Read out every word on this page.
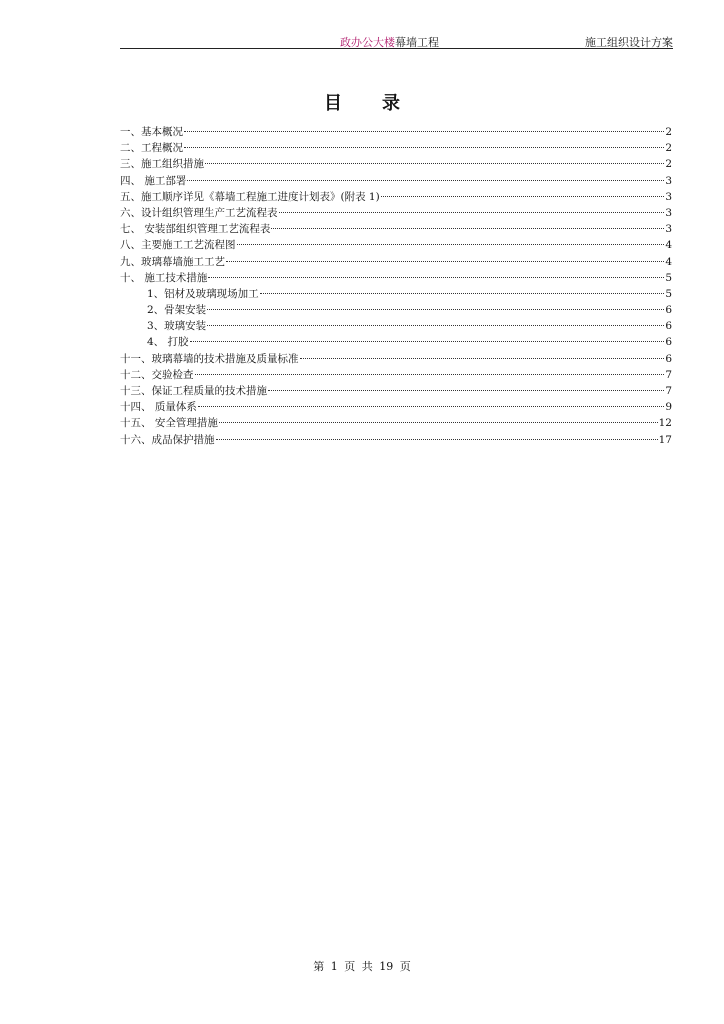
政办公大楼幕墙工程	施工组织设计方案
目 录
一、基本概况	2
二、工程概况	2
三、施工组织措施	2
四、 施工部署	3
五、施工顺序详见《幕墙工程施工进度计划表》(附表 1)	3
六、设计组织管理生产工艺流程表	3
七、 安装部组织管理工艺流程表	3
八、主要施工工艺流程图	4
九、玻璃幕墙施工工艺	4
十、 施工技术措施	5
1、铝材及玻璃现场加工	5
2、骨架安装	6
3、玻璃安装	6
4、 打胶	6
十一、玻璃幕墙的技术措施及质量标准	6
十二、交验检查	7
十三、保证工程质量的技术措施	7
十四、 质量体系	9
十五、 安全管理措施	12
十六、成品保护措施	17
第 1 页 共 19 页
